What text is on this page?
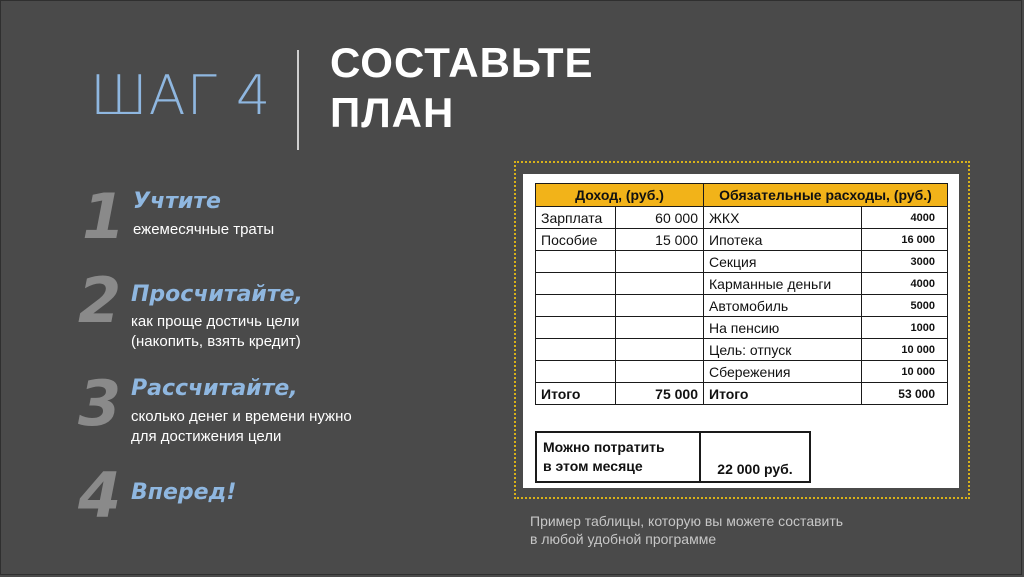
ШАГ 4
СОСТАВЬТЕ
ПЛАН
1 Учтите
ежемесячные траты
2 Просчитайте,
как проще достичь цели
(накопить, взять кредит)
3 Рассчитайте,
сколько денег и времени нужно
для достижения цели
4 Вперед!
Доход, (руб.)		Обязательные расходы, (руб.)	
Зарплата	60 000	ЖКХ	4000
Пособие	15 000	Ипотека	16 000
		Секция	3000
		Карманные деньги	4000
		Автомобиль	5000
		На пенсию	1000
		Цель: отпуск	10 000
		Сбережения	10 000
Итого	75 000	Итого	53 000
Можно потратить
в этом месяце	22 000 руб.
Пример таблицы, которую вы можете составить
в любой удобной программе
